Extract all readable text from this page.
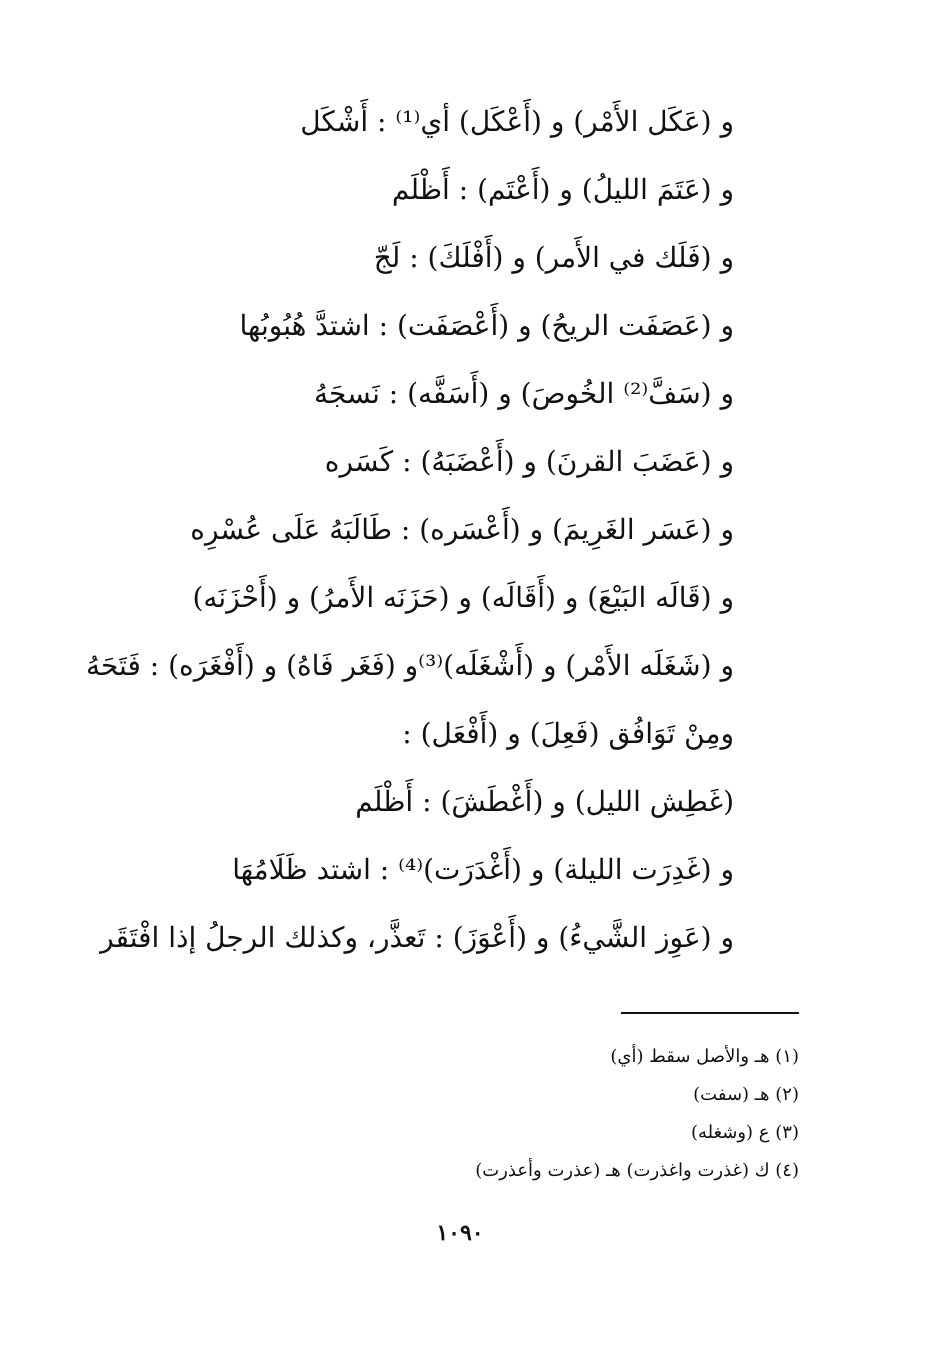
و (عَكَل الأَمْر) و (أَعْكَل) أي⁽¹⁾ : أَشْكَل
و (عَتَمَ الليلُ) و (أَعْتَم) : أَظْلَم
و (فَلَك في الأَمر) و (أَفْلَكَ) : لَجّ
و (عَصَفَت الريحُ) و (أَعْصَفَت) : اشتدَّ هُبُوبُها
و (سَفَّ⁽²⁾ الخُوصَ) و (أَسَفَّه) : نَسجَهُ
و (عَضَبَ القرنَ) و (أَعْضَبَهُ) : كَسَره
و (عَسَر الغَرِيمَ) و (أَعْسَره) : طَالَبَهُ عَلَى عُسْرِه
و (قَالَه البَيْعَ) و (أَقَالَه) و (حَزَنَه الأَمرُ) و (أَحْزَنَه)
و (شَغَلَه الأَمْر) و (أَشْغَلَه)⁽³⁾و (فَغَر فَاهُ) و (أَفْغَرَه) : فَتَحَهُ
ومِنْ تَوَافُق (فَعِلَ) و (أَفْعَل) :
(غَطِش الليل) و (أَغْطَشَ) : أَظْلَم
و (غَدِرَت الليلة) و (أَغْدَرَت)⁽⁴⁾ : اشتد ظَلَامُهَا
و (عَوِز الشَّيءُ) و (أَعْوَزَ) : تَعذَّر، وكذلك الرجلُ إذا افْتَقَر
(١) هـ والأصل سقط (أي)
(٢) هـ (سفت)
(٣) ع (وشغله)
(٤) ك (غذرت واغذرت) هـ (عذرت وأعذرت)
١٠٩٠
